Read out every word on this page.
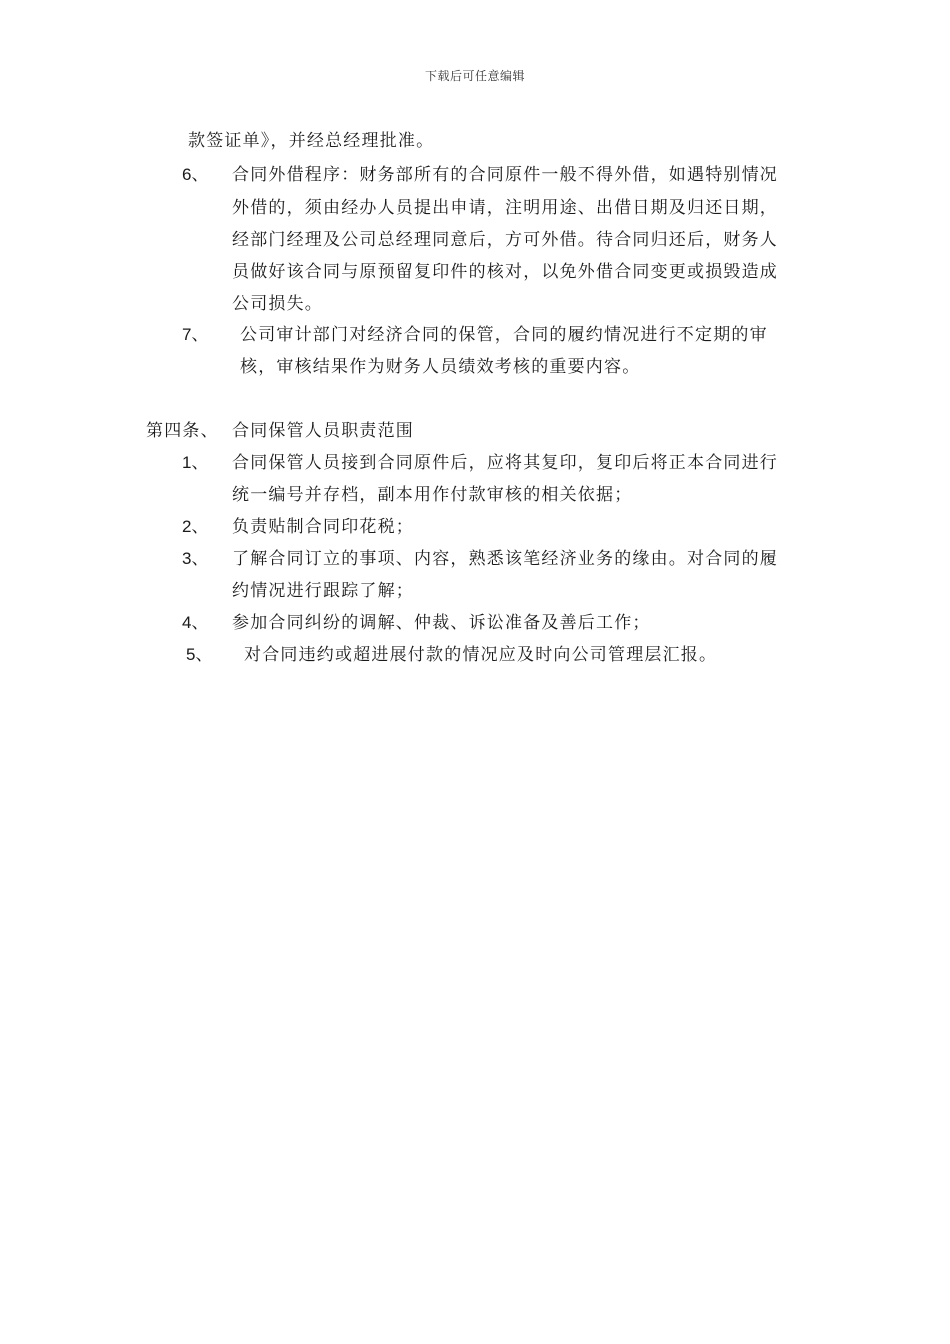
下载后可任意编辑
款签证单》，并经总经理批准。
6、 合同外借程序：财务部所有的合同原件一般不得外借，如遇特别情况
外借的，须由经办人员提出申请，注明用途、出借日期及归还日期，
经部门经理及公司总经理同意后，方可外借。待合同归还后，财务人
员做好该合同与原预留复印件的核对，以免外借合同变更或损毁造成
公司损失。
7、 公司审计部门对经济合同的保管，合同的履约情况进行不定期的审
核，审核结果作为财务人员绩效考核的重要内容。
第四条、 合同保管人员职责范围
1、 合同保管人员接到合同原件后，应将其复印，复印后将正本合同进行
统一编号并存档，副本用作付款审核的相关依据；
2、 负责贴制合同印花税；
3、 了解合同订立的事项、内容，熟悉该笔经济业务的缘由。对合同的履
约情况进行跟踪了解；
4、 参加合同纠纷的调解、仲裁、诉讼准备及善后工作；
5、 对合同违约或超进展付款的情况应及时向公司管理层汇报。
